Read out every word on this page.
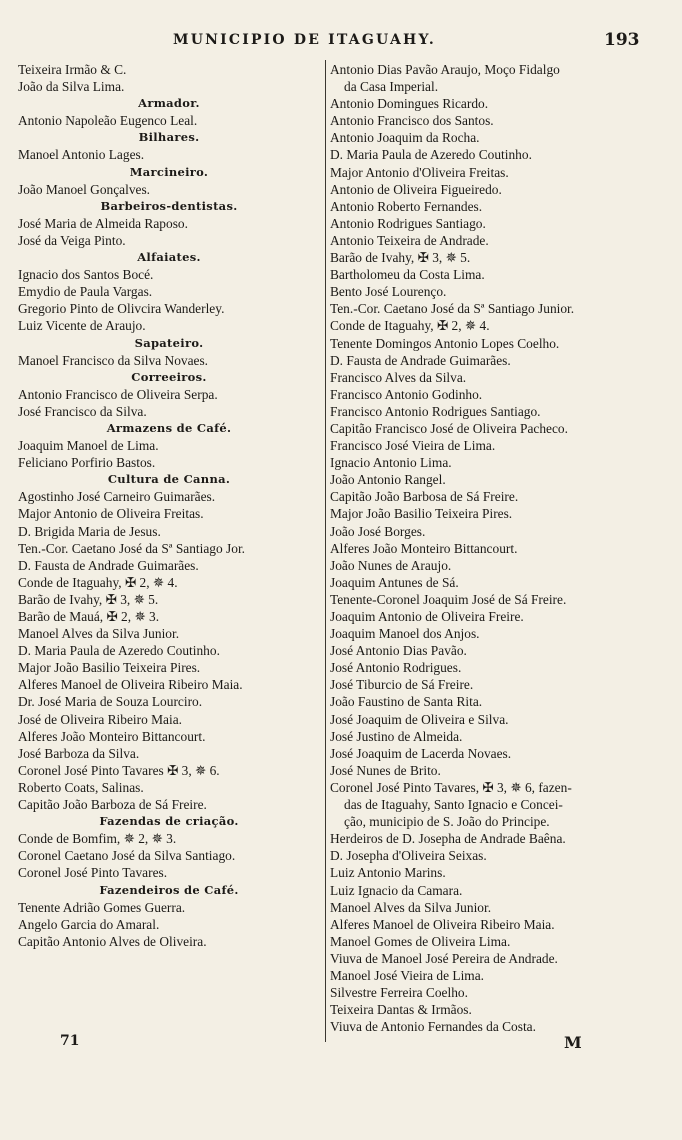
MUNICIPIO DE ITAGUAHY.	193
Teixeira Irmão & C.
João da Silva Lima.
Armador.
Antonio Napoleão Eugenco Leal.
Bilhares.
Manoel Antonio Lages.
Marcineiro.
João Manoel Gonçalves.
Barbeiros-dentistas.
José Maria de Almeida Raposo.
José da Veiga Pinto.
Alfaiates.
Ignacio dos Santos Bocé.
Emydio de Paula Vargas.
Gregorio Pinto de Olivcira Wanderley.
Luiz Vicente de Araujo.
Sapateiro.
Manoel Francisco da Silva Novaes.
Correeiros.
Antonio Francisco de Oliveira Serpa.
José Francisco da Silva.
Armazens de Café.
Joaquim Manoel de Lima.
Feliciano Porfirio Bastos.
Cultura de Canna.
Agostinho José Carneiro Guimarães.
Major Antonio de Oliveira Freitas.
D. Brigida Maria de Jesus.
Ten.-Cor. Caetano José da Sª Santiago Jor.
D. Fausta de Andrade Guimarães.
Conde de Itaguahy, ✠ 2, ✵ 4.
Barão de Ivahy, ✠ 3, ✵ 5.
Barão de Mauá, ✠ 2, ✵ 3.
Manoel Alves da Silva Junior.
D. Maria Paula de Azeredo Coutinho.
Major João Basilio Teixeira Pires.
Alferes Manoel de Oliveira Ribeiro Maia.
Dr. José Maria de Souza Lourciro.
José de Oliveira Ribeiro Maia.
Alferes João Monteiro Bittancourt.
José Barboza da Silva.
Coronel José Pinto Tavares ✠ 3, ✵ 6.
Roberto Coats, Salinas.
Capitão João Barboza de Sá Freire.
Fazendas de criação.
Conde de Bomfim, ✵ 2, ✵ 3.
Coronel Caetano José da Silva Santiago.
Coronel José Pinto Tavares.
Fazendeiros de Café.
Tenente Adrião Gomes Guerra.
Angelo Garcia do Amaral.
Capitão Antonio Alves de Oliveira.
Antonio Dias Pavão Araujo, Moço Fidalgo
da Casa Imperial.
Antonio Domingues Ricardo.
Antonio Francisco dos Santos.
Antonio Joaquim da Rocha.
D. Maria Paula de Azeredo Coutinho.
Major Antonio d'Oliveira Freitas.
Antonio de Oliveira Figueiredo.
Antonio Roberto Fernandes.
Antonio Rodrigues Santiago.
Antonio Teixeira de Andrade.
Barão de Ivahy, ✠ 3, ✵ 5.
Bartholomeu da Costa Lima.
Bento José Lourenço.
Ten.-Cor. Caetano José da Sª Santiago Junior.
Conde de Itaguahy, ✠ 2, ✵ 4.
Tenente Domingos Antonio Lopes Coelho.
D. Fausta de Andrade Guimarães.
Francisco Alves da Silva.
Francisco Antonio Godinho.
Francisco Antonio Rodrigues Santiago.
Capitão Francisco José de Oliveira Pacheco.
Francisco José Vieira de Lima.
Ignacio Antonio Lima.
João Antonio Rangel.
Capitão João Barbosa de Sá Freire.
Major João Basilio Teixeira Pires.
João José Borges.
Alferes João Monteiro Bittancourt.
João Nunes de Araujo.
Joaquim Antunes de Sá.
Tenente-Coronel Joaquim José de Sá Freire.
Joaquim Antonio de Oliveira Freire.
Joaquim Manoel dos Anjos.
José Antonio Dias Pavão.
José Antonio Rodrigues.
José Tiburcio de Sá Freire.
João Faustino de Santa Rita.
José Joaquim de Oliveira e Silva.
José Justino de Almeida.
José Joaquim de Lacerda Novaes.
José Nunes de Brito.
Coronel José Pinto Tavares, ✠ 3, ✵ 6, fazen-
das de Itaguahy, Santo Ignacio e Concei-
ção, municipio de S. João do Principe.
Herdeiros de D. Josepha de Andrade Baêna.
D. Josepha d'Oliveira Seixas.
Luiz Antonio Marins.
Luiz Ignacio da Camara.
Manoel Alves da Silva Junior.
Alferes Manoel de Oliveira Ribeiro Maia.
Manoel Gomes de Oliveira Lima.
Viuva de Manoel José Pereira de Andrade.
Manoel José Vieira de Lima.
Silvestre Ferreira Coelho.
Teixeira Dantas & Irmãos.
Viuva de Antonio Fernandes da Costa.
71	M
